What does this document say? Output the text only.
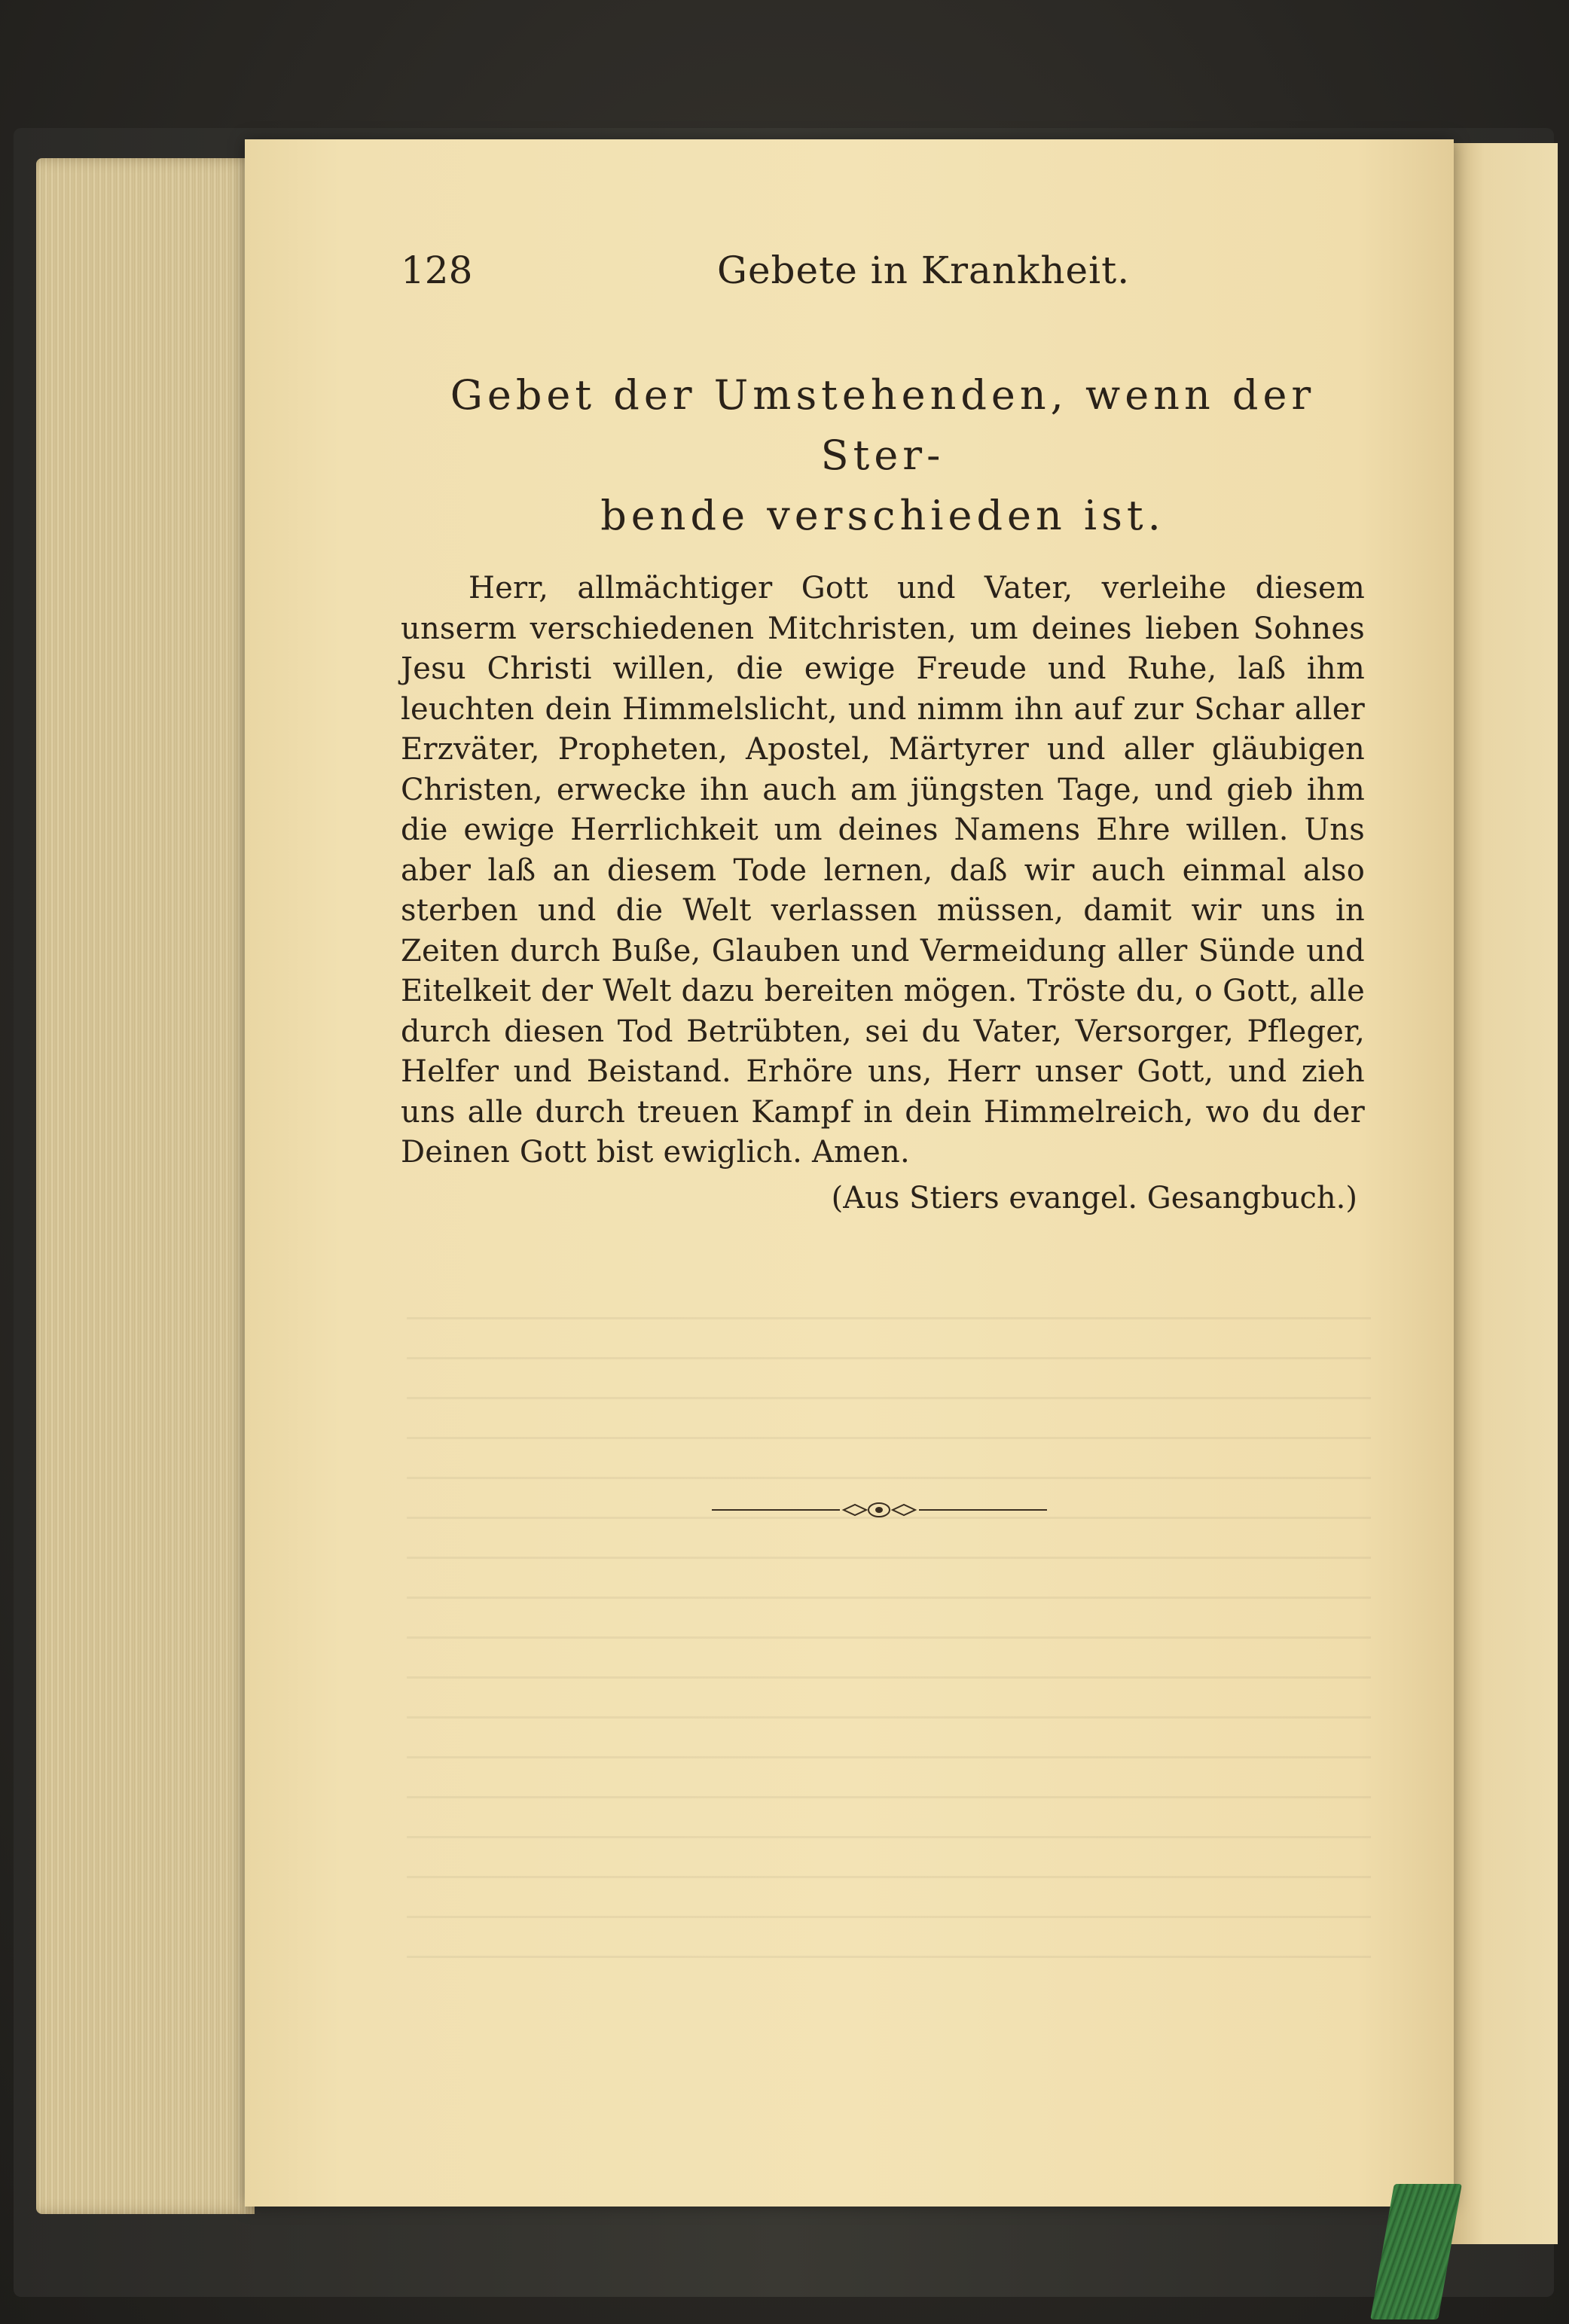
128	Gebete in Krankheit.
Gebet der Umstehenden, wenn der Ster-
bende verschieden ist.
Herr, allmächtiger Gott und Vater, verleihe diesem unserm verschiedenen Mitchristen, um deines lieben Sohnes Jesu Christi willen, die ewige Freude und Ruhe, laß ihm leuchten dein Himmelslicht, und nimm ihn auf zur Schar aller Erzväter, Propheten, Apostel, Märtyrer und aller gläubigen Christen, erwecke ihn auch am jüngsten Tage, und gieb ihm die ewige Herrlichkeit um deines Namens Ehre willen. Uns aber laß an diesem Tode lernen, daß wir auch einmal also sterben und die Welt verlassen müssen, damit wir uns in Zeiten durch Buße, Glauben und Vermeidung aller Sünde und Eitelkeit der Welt dazu bereiten mögen. Tröste du, o Gott, alle durch diesen Tod Betrübten, sei du Vater, Versorger, Pfleger, Helfer und Beistand. Erhöre uns, Herr unser Gott, und zieh uns alle durch treuen Kampf in dein Himmelreich, wo du der Deinen Gott bist ewiglich. Amen.
(Aus Stiers evangel. Gesangbuch.)
